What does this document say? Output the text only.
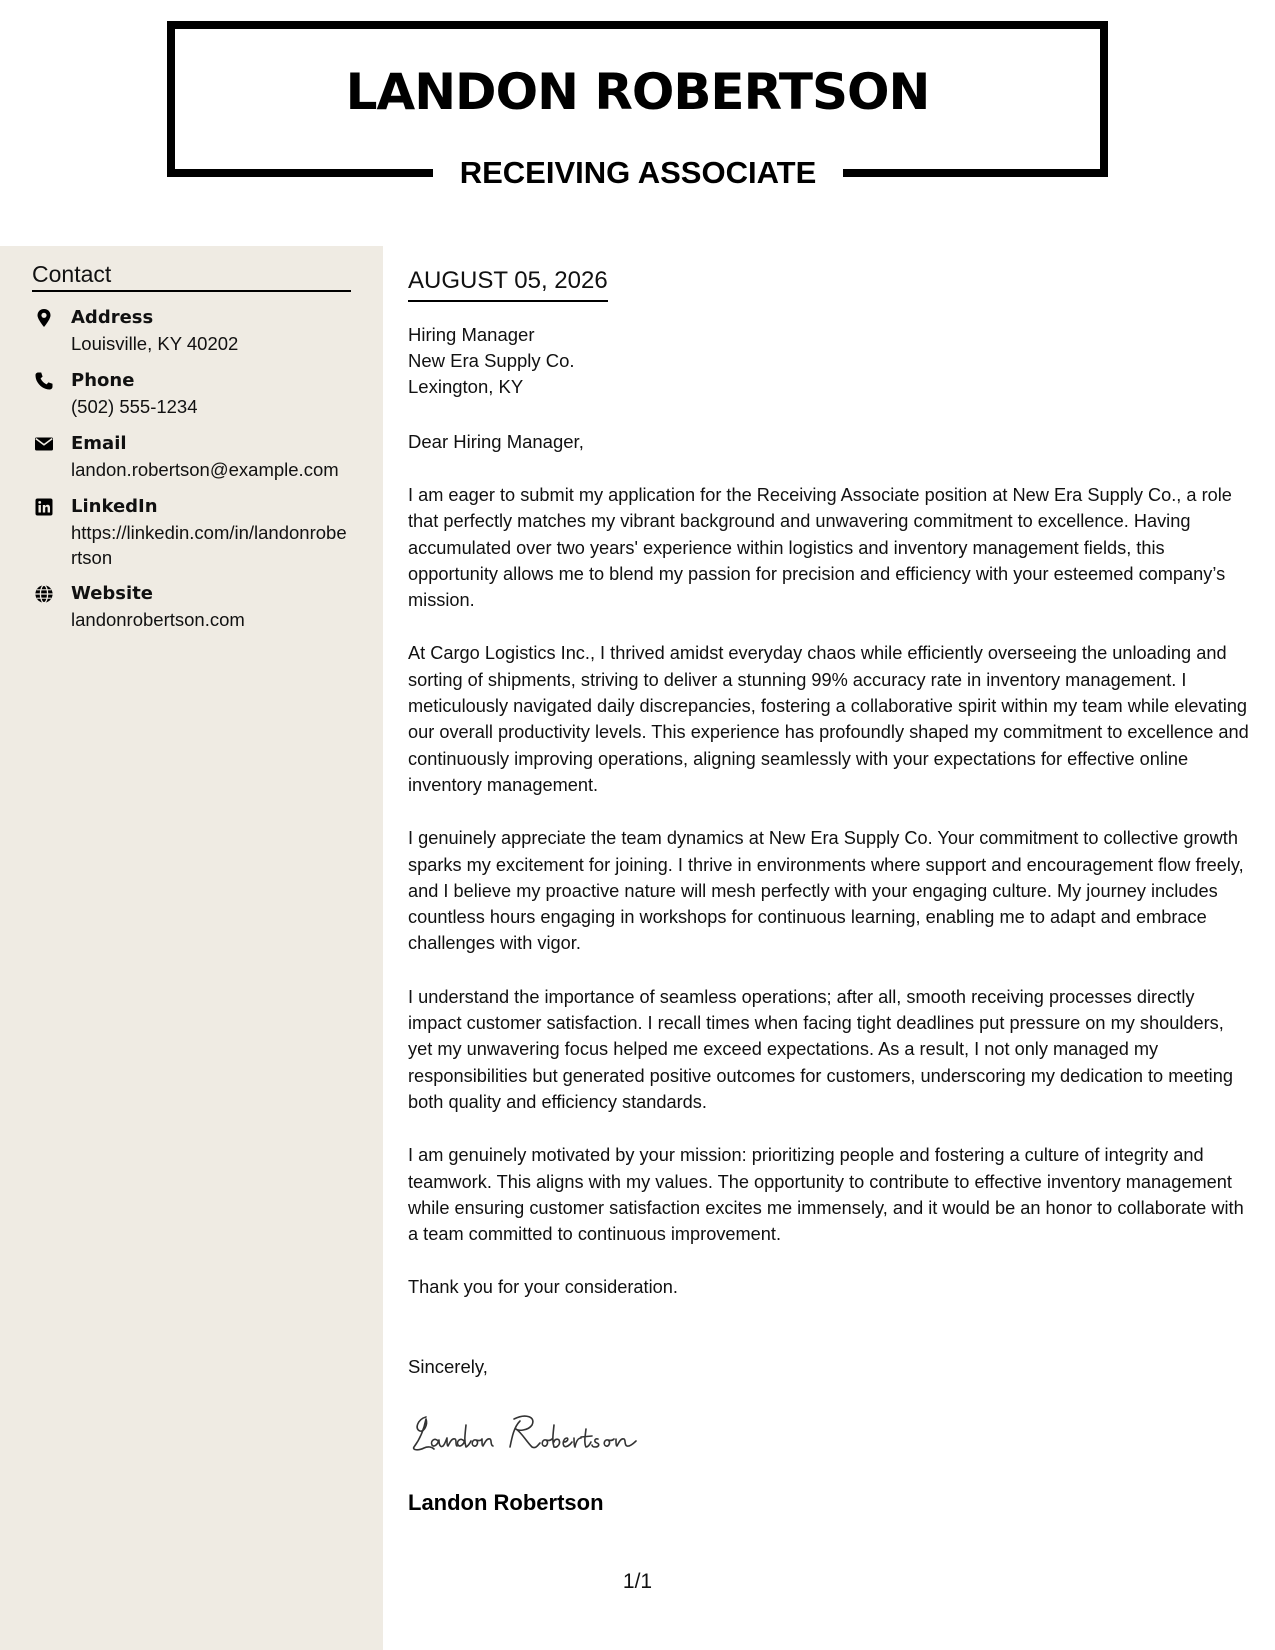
LANDON ROBERTSON
RECEIVING ASSOCIATE
Contact
Address
Louisville, KY 40202
Phone
(502) 555-1234
Email
landon.robertson@example.com
LinkedIn
https://linkedin.com/in/landonrobertson
Website
landonrobertson.com
AUGUST 05, 2026
Hiring Manager
New Era Supply Co.
Lexington, KY
Dear Hiring Manager,

I am eager to submit my application for the Receiving Associate position at New Era Supply Co., a role that perfectly matches my vibrant background and unwavering commitment to excellence. Having accumulated over two years' experience within logistics and inventory management fields, this opportunity allows me to blend my passion for precision and efficiency with your esteemed company’s mission.

At Cargo Logistics Inc., I thrived amidst everyday chaos while efficiently overseeing the unloading and sorting of shipments, striving to deliver a stunning 99% accuracy rate in inventory management. I meticulously navigated daily discrepancies, fostering a collaborative spirit within my team while elevating our overall productivity levels. This experience has profoundly shaped my commitment to excellence and continuously improving operations, aligning seamlessly with your expectations for effective online inventory management.

I genuinely appreciate the team dynamics at New Era Supply Co. Your commitment to collective growth sparks my excitement for joining. I thrive in environments where support and encouragement flow freely, and I believe my proactive nature will mesh perfectly with your engaging culture. My journey includes countless hours engaging in workshops for continuous learning, enabling me to adapt and embrace challenges with vigor.

I understand the importance of seamless operations; after all, smooth receiving processes directly impact customer satisfaction. I recall times when facing tight deadlines put pressure on my shoulders, yet my unwavering focus helped me exceed expectations. As a result, I not only managed my responsibilities but generated positive outcomes for customers, underscoring my dedication to meeting both quality and efficiency standards.

I am genuinely motivated by your mission: prioritizing people and fostering a culture of integrity and teamwork. This aligns with my values. The opportunity to contribute to effective inventory management while ensuring customer satisfaction excites me immensely, and it would be an honor to collaborate with a team committed to continuous improvement.

Thank you for your consideration.

Sincerely,
Landon Robertson
1/1
